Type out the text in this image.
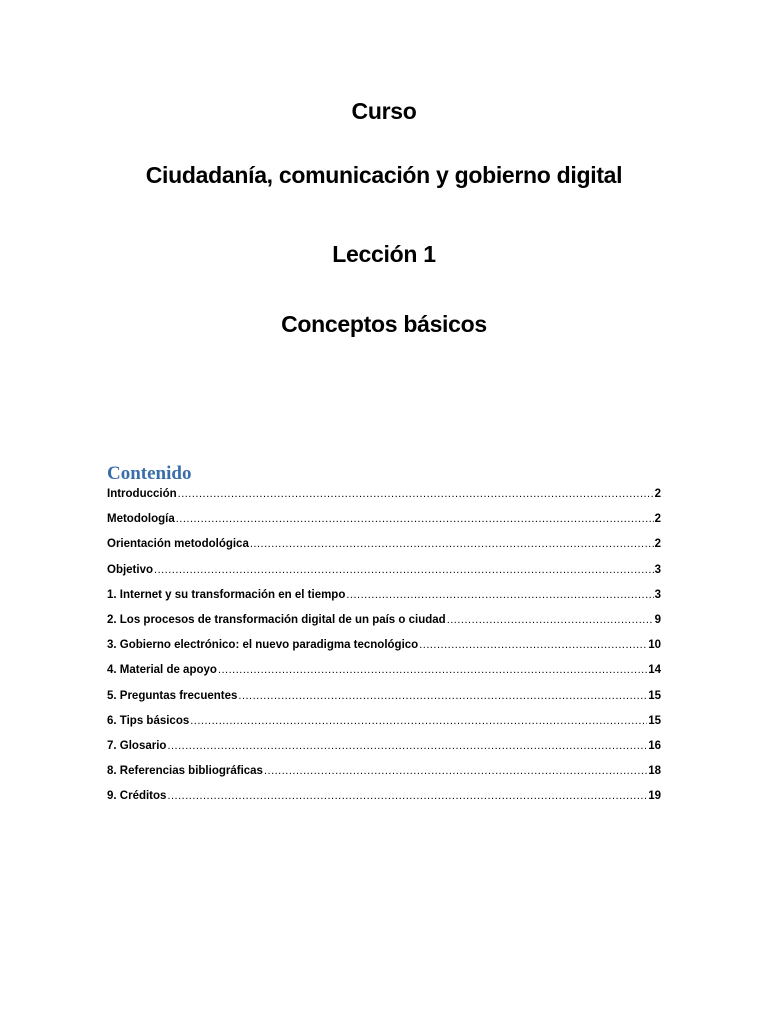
Curso
Ciudadanía, comunicación y gobierno digital
Lección 1
Conceptos básicos
Contenido
Introducción .....	2
Metodología .....	2
Orientación metodológica .....	2
Objetivo .....	3
1. Internet y su transformación en el tiempo .....	3
2. Los procesos de transformación digital de un país o ciudad .....	9
3. Gobierno electrónico: el nuevo paradigma tecnológico .....	10
4. Material de apoyo .....	14
5. Preguntas frecuentes .....	15
6. Tips básicos .....	15
7. Glosario .....	16
8. Referencias bibliográficas .....	18
9. Créditos .....	19
